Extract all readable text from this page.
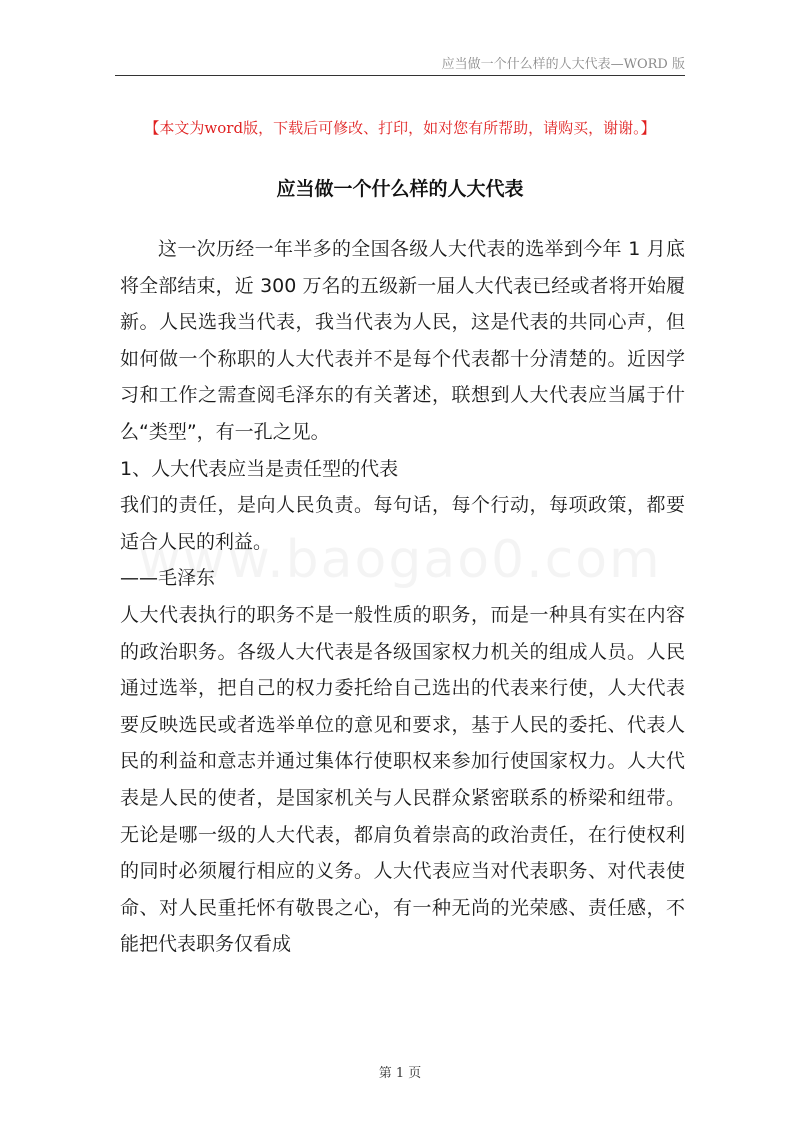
应当做一个什么样的人大代表—WORD 版
【本文为word版，下载后可修改、打印，如对您有所帮助，请购买，谢谢。】
应当做一个什么样的人大代表

这一次历经一年半多的全国各级人大代表的选举到今年 1 月底将全部结束，近 300 万名的五级新一届人大代表已经或者将开始履新。人民选我当代表，我当代表为人民，这是代表的共同心声，但如何做一个称职的人大代表并不是每个代表都十分清楚的。近因学习和工作之需查阅毛泽东的有关著述，联想到人大代表应当属于什么“类型”，有一孔之见。

1、人大代表应当是责任型的代表

我们的责任，是向人民负责。每句话，每个行动，每项政策，都要适合人民的利益。

——毛泽东

人大代表执行的职务不是一般性质的职务，而是一种具有实在内容的政治职务。各级人大代表是各级国家权力机关的组成人员。人民通过选举，把自己的权力委托给自己选出的代表来行使，人大代表要反映选民或者选举单位的意见和要求，基于人民的委托、代表人民的利益和意志并通过集体行使职权来参加行使国家权力。人大代表是人民的使者，是国家机关与人民群众紧密联系的桥梁和纽带。无论是哪一级的人大代表，都肩负着崇高的政治责任，在行使权利的同时必须履行相应的义务。人大代表应当对代表职务、对代表使命、对人民重托怀有敬畏之心，有一种无尚的光荣感、责任感，不能把代表职务仅看成

第 1 页
